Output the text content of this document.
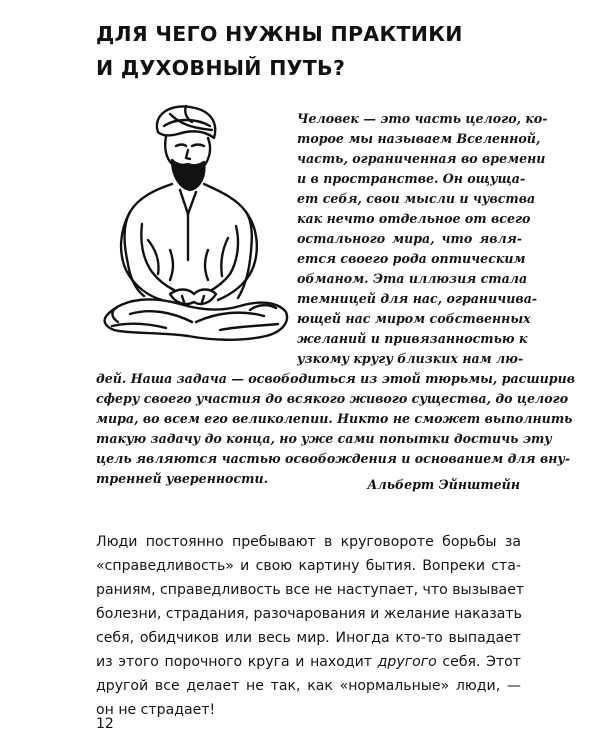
ДЛЯ ЧЕГО НУЖНЫ ПРАКТИКИ
И ДУХОВНЫЙ ПУТЬ?
Человек — это часть целого, ко-
торое мы называем Вселенной,
часть, ограниченная во времени
и в пространстве. Он ощуща-
ет себя, свои мысли и чувства
как нечто отдельное от всего
остального мира, что явля-
ется своего рода оптическим
обманом. Эта иллюзия стала
темницей для нас, ограничива-
ющей нас миром собственных
желаний и привязанностью к
узкому кругу близких нам лю-
дей. Наша задача — освободиться из этой тюрьмы, расширив
сферу своего участия до всякого живого существа, до целого
мира, во всем его великолепии. Никто не сможет выполнить
такую задачу до конца, но уже сами попытки достичь эту
цель являются частью освобождения и основанием для вну-
тренней уверенности.	Альберт Эйнштейн
Люди постоянно пребывают в круговороте борьбы за
«справедливость» и свою картину бытия. Вопреки ста-
раниям, справедливость все не наступает, что вызывает
болезни, страдания, разочарования и желание наказать
себя, обидчиков или весь мир. Иногда кто-то выпадает
из этого порочного круга и находит другого себя. Этот
другой все делает не так, как «нормальные» люди, —
он не страдает!
12
